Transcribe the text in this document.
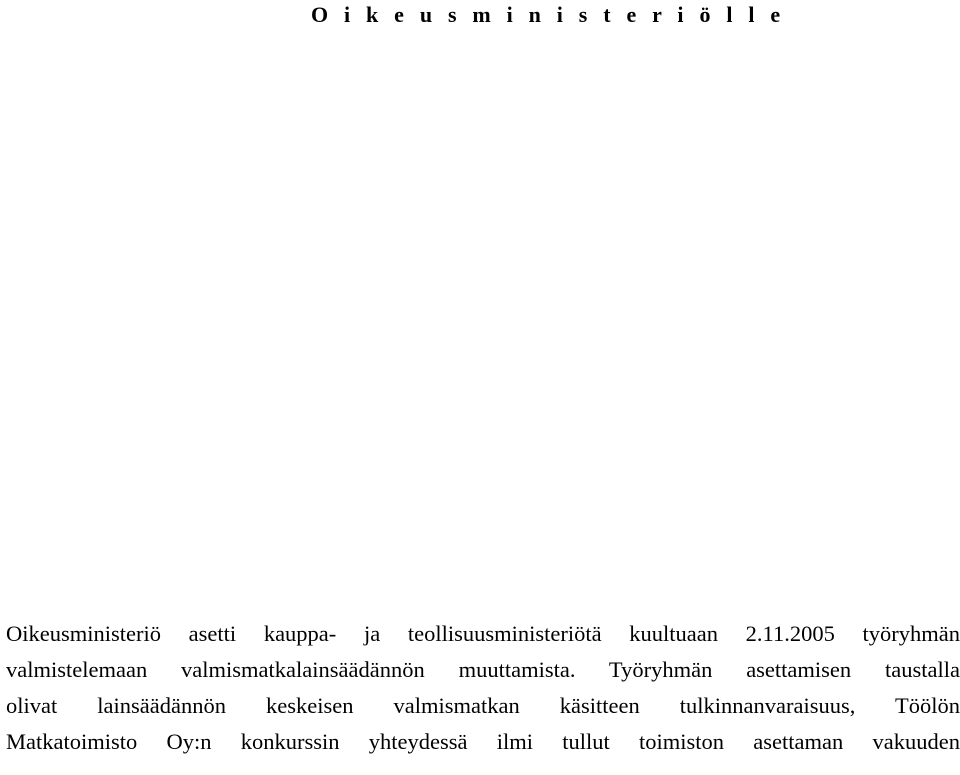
O i k e u s m i n i s t e r i ö l l e
Oikeusministeriö asetti kauppa- ja teollisuusministeriötä kuultuaan 2.11.2005 työryhmän
valmistelemaan valmismatkalainsäädännön muuttamista. Työryhmän asettamisen taustalla
olivat lainsäädännön keskeisen valmismatkan käsitteen tulkinnanvaraisuus, Töölön
Matkatoimisto Oy:n konkurssin yhteydessä ilmi tullut toimiston asettaman vakuuden
